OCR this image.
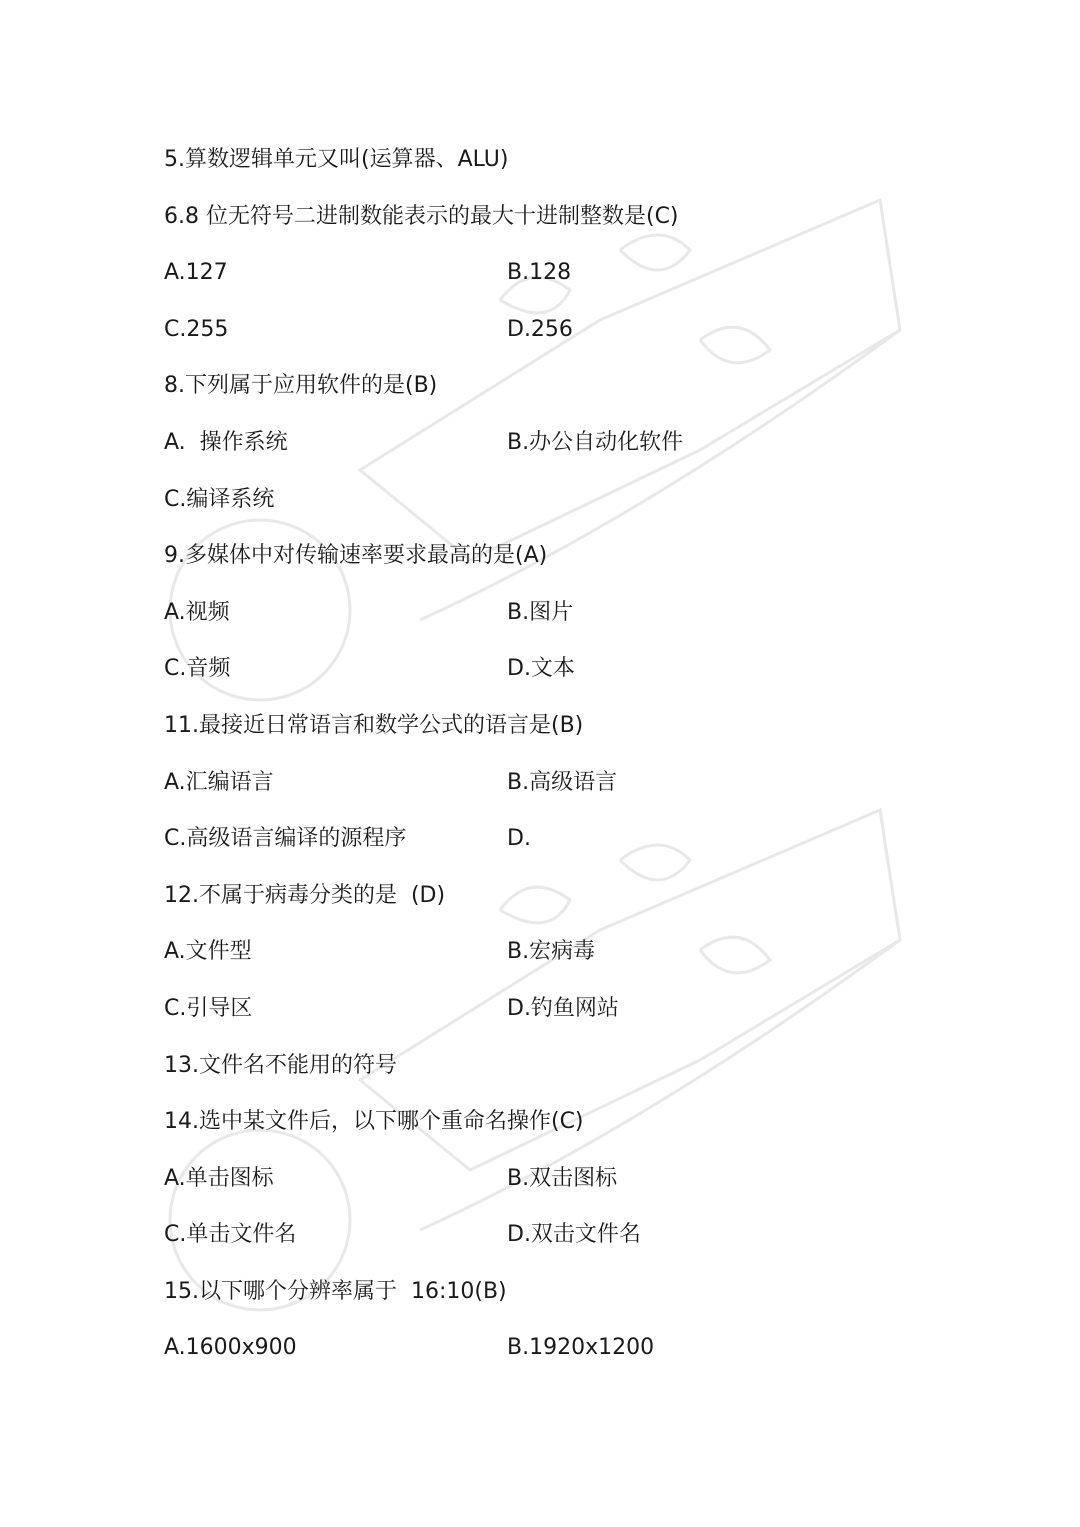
5.算数逻辑单元又叫(运算器、ALU)
6.8 位无符号二进制数能表示的最大十进制整数是(C)
A.127	B.128
C.255	D.256
8.下列属于应用软件的是(B)
A.  操作系统	B.办公自动化软件
C.编译系统
9.多媒体中对传输速率要求最高的是(A)
A.视频	B.图片
C.音频	D.文本
11.最接近日常语言和数学公式的语言是(B)
A.汇编语言	B.高级语言
C.高级语言编译的源程序	D.
12.不属于病毒分类的是  (D)
A.文件型	B.宏病毒
C.引导区	D.钓鱼网站
13.文件名不能用的符号
14.选中某文件后，以下哪个重命名操作(C)
A.单击图标	B.双击图标
C.单击文件名	D.双击文件名
15.以下哪个分辨率属于  16:10(B)
A.1600x900	B.1920x1200
